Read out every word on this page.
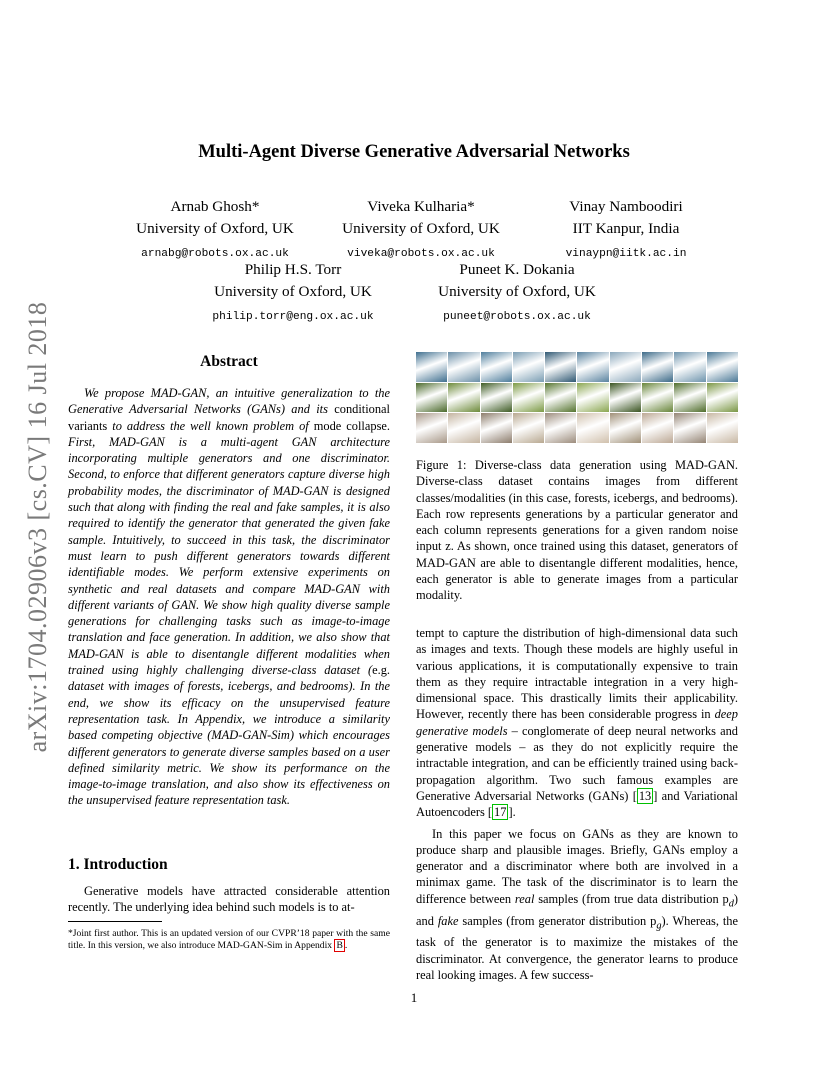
arXiv:1704.02906v3 [cs.CV] 16 Jul 2018
Multi-Agent Diverse Generative Adversarial Networks
Arnab Ghosh*
University of Oxford, UK
arnabg@robots.ox.ac.uk
Viveka Kulharia*
University of Oxford, UK
viveka@robots.ox.ac.uk
Vinay Namboodiri
IIT Kanpur, India
vinaypn@iitk.ac.in
Philip H.S. Torr
University of Oxford, UK
philip.torr@eng.ox.ac.uk
Puneet K. Dokania
University of Oxford, UK
puneet@robots.ox.ac.uk
Abstract

We propose MAD-GAN, an intuitive generalization to the Generative Adversarial Networks (GANs) and its conditional variants to address the well known problem of mode collapse. First, MAD-GAN is a multi-agent GAN architecture incorporating multiple generators and one discriminator. Second, to enforce that different generators capture diverse high probability modes, the discriminator of MAD-GAN is designed such that along with finding the real and fake samples, it is also required to identify the generator that generated the given fake sample. Intuitively, to succeed in this task, the discriminator must learn to push different generators towards different identifiable modes. We perform extensive experiments on synthetic and real datasets and compare MAD-GAN with different variants of GAN. We show high quality diverse sample generations for challenging tasks such as image-to-image translation and face generation. In addition, we also show that MAD-GAN is able to disentangle different modalities when trained using highly challenging diverse-class dataset (e.g. dataset with images of forests, icebergs, and bedrooms). In the end, we show its efficacy on the unsupervised feature representation task. In Appendix, we introduce a similarity based competing objective (MAD-GAN-Sim) which encourages different generators to generate diverse samples based on a user defined similarity metric. We show its performance on the image-to-image translation, and also show its effectiveness on the unsupervised feature representation task.

1. Introduction

Generative models have attracted considerable attention recently. The underlying idea behind such models is to at-

*Joint first author. This is an updated version of our CVPR’18 paper with the same title. In this version, we also introduce MAD-GAN-Sim in Appendix B .

Figure 1: Diverse-class data generation using MAD-GAN. Diverse-class dataset contains images from different classes/modalities (in this case, forests, icebergs, and bedrooms). Each row represents generations by a particular generator and each column represents generations for a given random noise input z. As shown, once trained using this dataset, generators of MAD-GAN are able to disentangle different modalities, hence, each generator is able to generate images from a particular modality.

tempt to capture the distribution of high-dimensional data such as images and texts. Though these models are highly useful in various applications, it is computationally expensive to train them as they require intractable integration in a very high-dimensional space. This drastically limits their applicability. However, recently there has been considerable progress in deep generative models – conglomerate of deep neural networks and generative models – as they do not explicitly require the intractable integration, and can be efficiently trained using back-propagation algorithm. Two such famous examples are Generative Adversarial Networks (GANs) [ 13 ] and Variational Autoencoders [ 17 ].

In this paper we focus on GANs as they are known to produce sharp and plausible images. Briefly, GANs employ a generator and a discriminator where both are involved in a minimax game. The task of the discriminator is to learn the difference between real samples (from true data distribution $p_d$) and fake samples (from generator distribution $p_g$). Whereas, the task of the generator is to maximize the mistakes of the discriminator. At convergence, the generator learns to produce real looking images. A few success-

1
